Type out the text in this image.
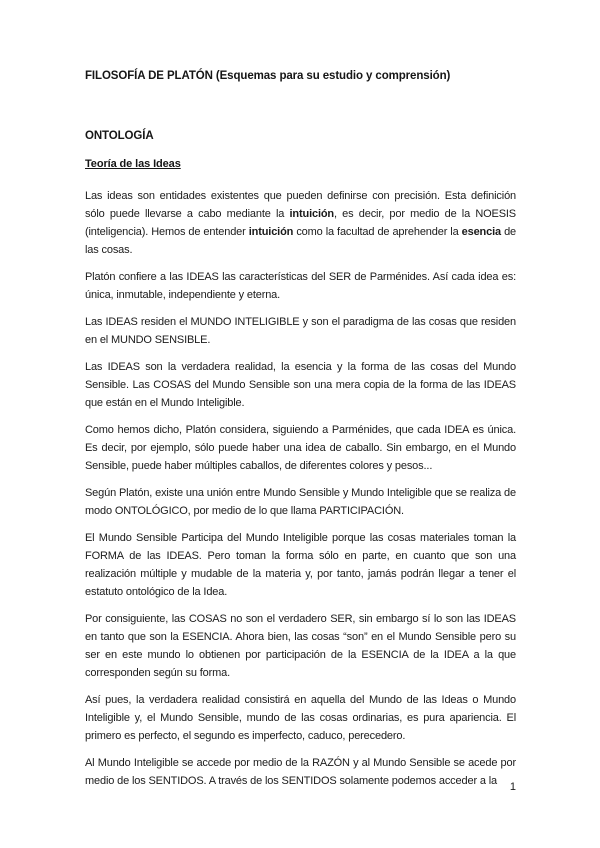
FILOSOFÍA DE PLATÓN (Esquemas para su estudio y comprensión)
ONTOLOGÍA
Teoría de las Ideas

Las ideas son entidades existentes que pueden definirse con precisión. Esta definición sólo puede llevarse a cabo mediante la intuición, es decir, por medio de la NOESIS (inteligencia). Hemos de entender intuición como la facultad de aprehender la esencia de las cosas.

Platón confiere a las IDEAS las características del SER de Parménides. Así cada idea es: única, inmutable, independiente y eterna.

Las IDEAS residen el MUNDO INTELIGIBLE y son el paradigma de las cosas que residen en el MUNDO SENSIBLE.

Las IDEAS son la verdadera realidad, la esencia y la forma de las cosas del Mundo Sensible. Las COSAS del Mundo Sensible son una mera copia de la forma de las IDEAS que están en el Mundo Inteligible.

Como hemos dicho, Platón considera, siguiendo a Parménides, que cada IDEA es única. Es decir, por ejemplo, sólo puede haber una idea de caballo. Sin embargo, en el Mundo Sensible, puede haber múltiples caballos, de diferentes colores y pesos...

Según Platón, existe una unión entre Mundo Sensible y Mundo Inteligible que se realiza de modo ONTOLÓGICO, por medio de lo que llama PARTICIPACIÓN.

El Mundo Sensible Participa del Mundo Inteligible porque las cosas materiales toman la FORMA de las IDEAS. Pero toman la forma sólo en parte, en cuanto que son una realización múltiple y mudable de la materia y, por tanto, jamás podrán llegar a tener el estatuto ontológico de la Idea.

Por consiguiente, las COSAS no son el verdadero SER, sin embargo sí lo son las IDEAS en tanto que son la ESENCIA. Ahora bien, las cosas “son” en el Mundo Sensible pero su ser en este mundo lo obtienen por participación de la ESENCIA de la IDEA a la que corresponden según su forma.

Así pues, la verdadera realidad consistirá en aquella del Mundo de las Ideas o Mundo Inteligible y, el Mundo Sensible, mundo de las cosas ordinarias, es pura apariencia. El primero es perfecto, el segundo es imperfecto, caduco, perecedero.

Al Mundo Inteligible se accede por medio de la RAZÓN y al Mundo Sensible se acede por medio de los SENTIDOS. A través de los SENTIDOS solamente podemos acceder a la	1
